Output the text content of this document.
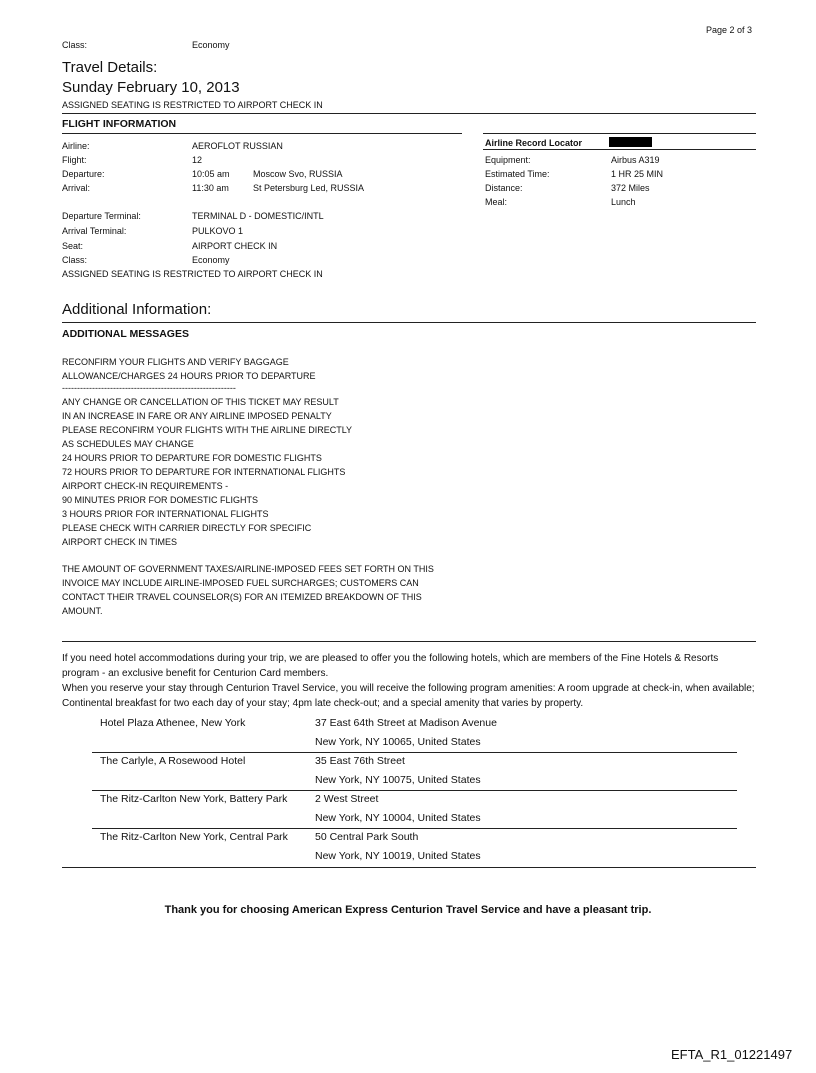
Page 2 of 3
Class:	Economy
Travel Details:
Sunday February 10, 2013
ASSIGNED SEATING IS RESTRICTED TO AIRPORT CHECK IN
FLIGHT INFORMATION
Airline:	AEROFLOT RUSSIAN
Flight:	12
Departure:	10:05 am	Moscow Svo, RUSSIA
Arrival:	11:30 am	St Petersburg Led, RUSSIA
Departure Terminal:	TERMINAL D - DOMESTIC/INTL
Arrival Terminal:	PULKOVO 1
Seat:	AIRPORT CHECK IN
Class:	Economy
ASSIGNED SEATING IS RESTRICTED TO AIRPORT CHECK IN
Airline Record Locator
Equipment:	Airbus A319
Estimated Time:	1 HR 25 MIN
Distance:	372 Miles
Meal:	Lunch
Additional Information:
ADDITIONAL MESSAGES
RECONFIRM YOUR FLIGHTS AND VERIFY BAGGAGE
ALLOWANCE/CHARGES 24 HOURS PRIOR TO DEPARTURE
----------------------------------------------------------
ANY CHANGE OR CANCELLATION OF THIS TICKET MAY RESULT
IN AN INCREASE IN FARE OR ANY AIRLINE IMPOSED PENALTY
PLEASE RECONFIRM YOUR FLIGHTS WITH THE AIRLINE DIRECTLY
AS SCHEDULES MAY CHANGE
24 HOURS PRIOR TO DEPARTURE FOR DOMESTIC FLIGHTS
72 HOURS PRIOR TO DEPARTURE FOR INTERNATIONAL FLIGHTS
AIRPORT CHECK-IN REQUIREMENTS -
90 MINUTES PRIOR FOR DOMESTIC FLIGHTS
3 HOURS PRIOR FOR INTERNATIONAL FLIGHTS
PLEASE CHECK WITH CARRIER DIRECTLY FOR SPECIFIC
AIRPORT CHECK IN TIMES
THE AMOUNT OF GOVERNMENT TAXES/AIRLINE-IMPOSED FEES SET FORTH ON THIS
INVOICE MAY INCLUDE AIRLINE-IMPOSED FUEL SURCHARGES; CUSTOMERS CAN
CONTACT THEIR TRAVEL COUNSELOR(S) FOR AN ITEMIZED BREAKDOWN OF THIS
AMOUNT.
If you need hotel accommodations during your trip, we are pleased to offer you the following hotels, which are members of the Fine Hotels & Resorts program - an exclusive benefit for Centurion Card members.
When you reserve your stay through Centurion Travel Service, you will receive the following program amenities: A room upgrade at check-in, when available; Continental breakfast for two each day of your stay; 4pm late check-out; and a special amenity that varies by property.
Hotel Plaza Athenee, New York	37 East 64th Street at Madison Avenue
New York, NY 10065, United States
The Carlyle, A Rosewood Hotel	35 East 76th Street
New York, NY 10075, United States
The Ritz-Carlton New York, Battery Park	2 West Street
New York, NY 10004, United States
The Ritz-Carlton New York, Central Park	50 Central Park South
New York, NY 10019, United States
Thank you for choosing American Express Centurion Travel Service and have a pleasant trip.
EFTA_R1_01221497
